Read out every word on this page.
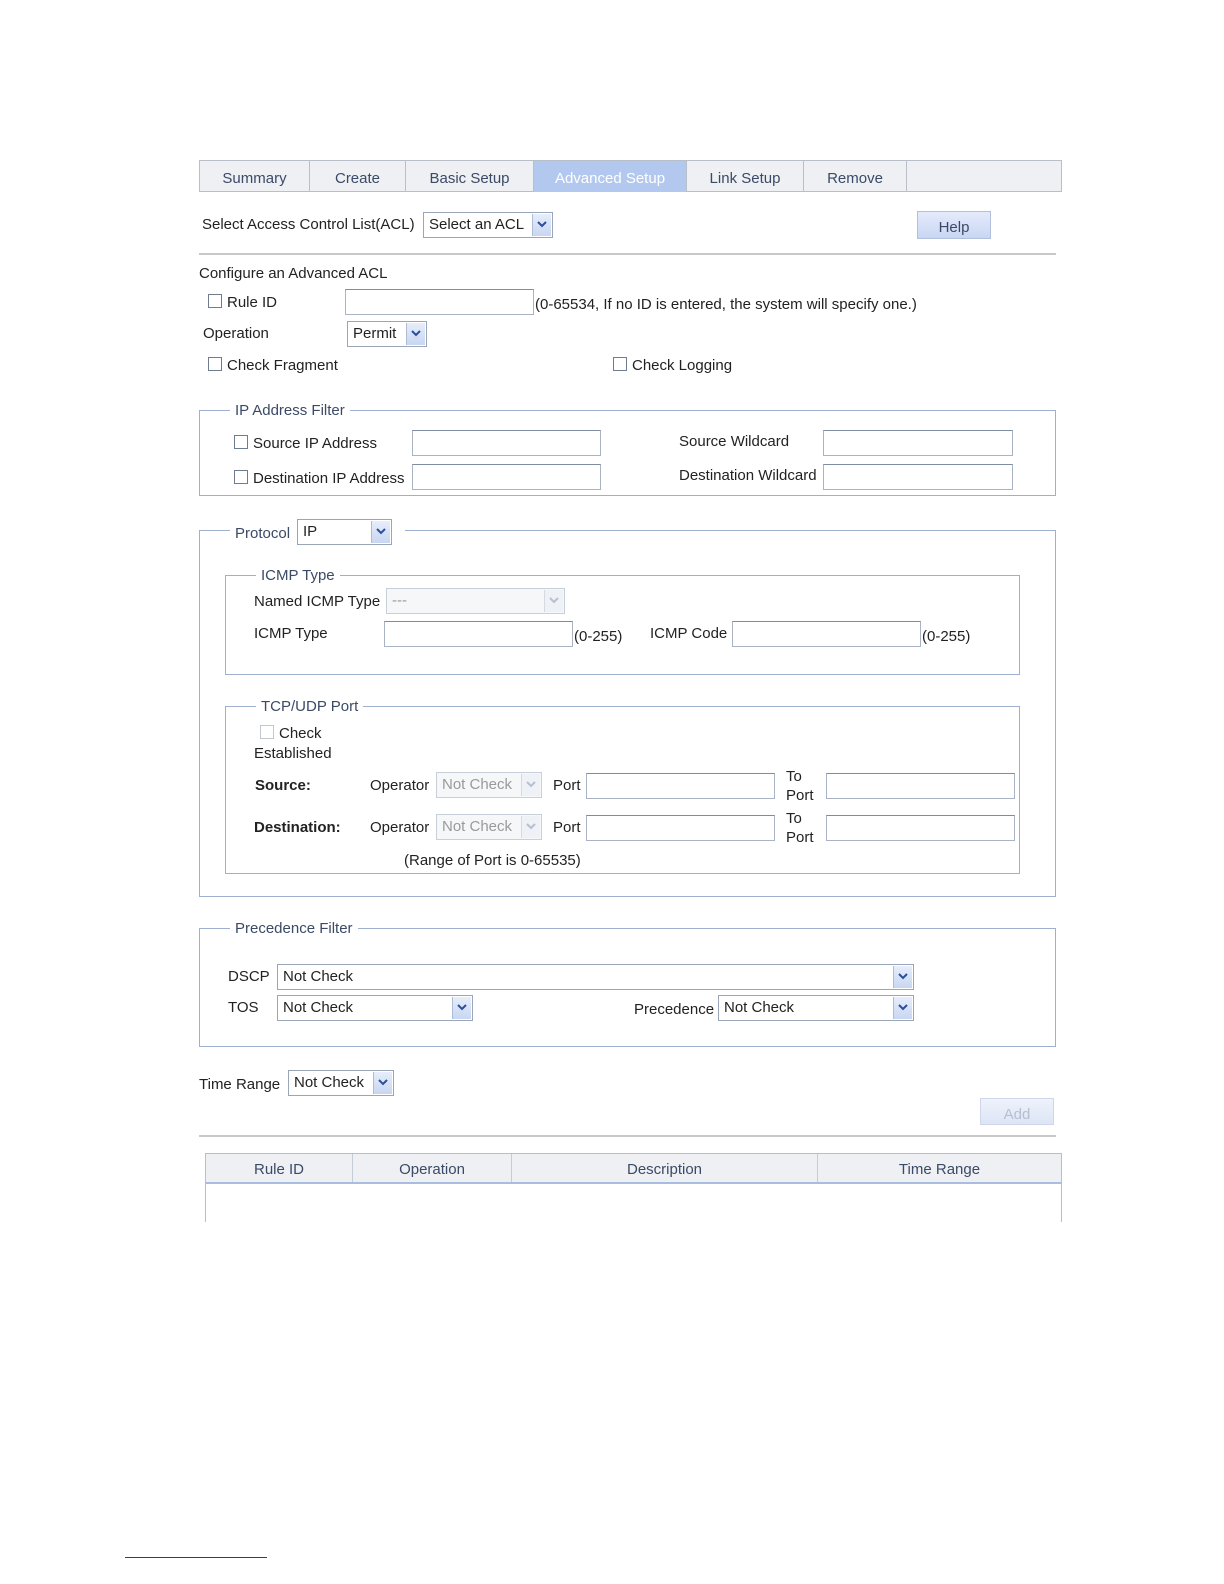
Summary	Create	Basic Setup	Advanced Setup	Link Setup	Remove
Select Access Control List(ACL) Select an ACL	Help
Configure an Advanced ACL
Rule ID	(0-65534, If no ID is entered, the system will specify one.)
Operation	Permit
Check Fragment	Check Logging
IP Address Filter
Source IP Address	Source Wildcard
Destination IP Address	Destination Wildcard
Protocol IP
ICMP Type
Named ICMP Type ---
ICMP Type	(0-255) ICMP Code	(0-255)
TCP/UDP Port
Check
Established
Source:	Operator Not Check	Port
To
Port
Destination: Operator Not Check	Port
To
Port
(Range of Port is 0-65535)
Precedence Filter
DSCP Not Check
TOS	Not Check	Precedence Not Check
Time Range Not Check
Add
Rule ID	Operation	Description	Time Range
